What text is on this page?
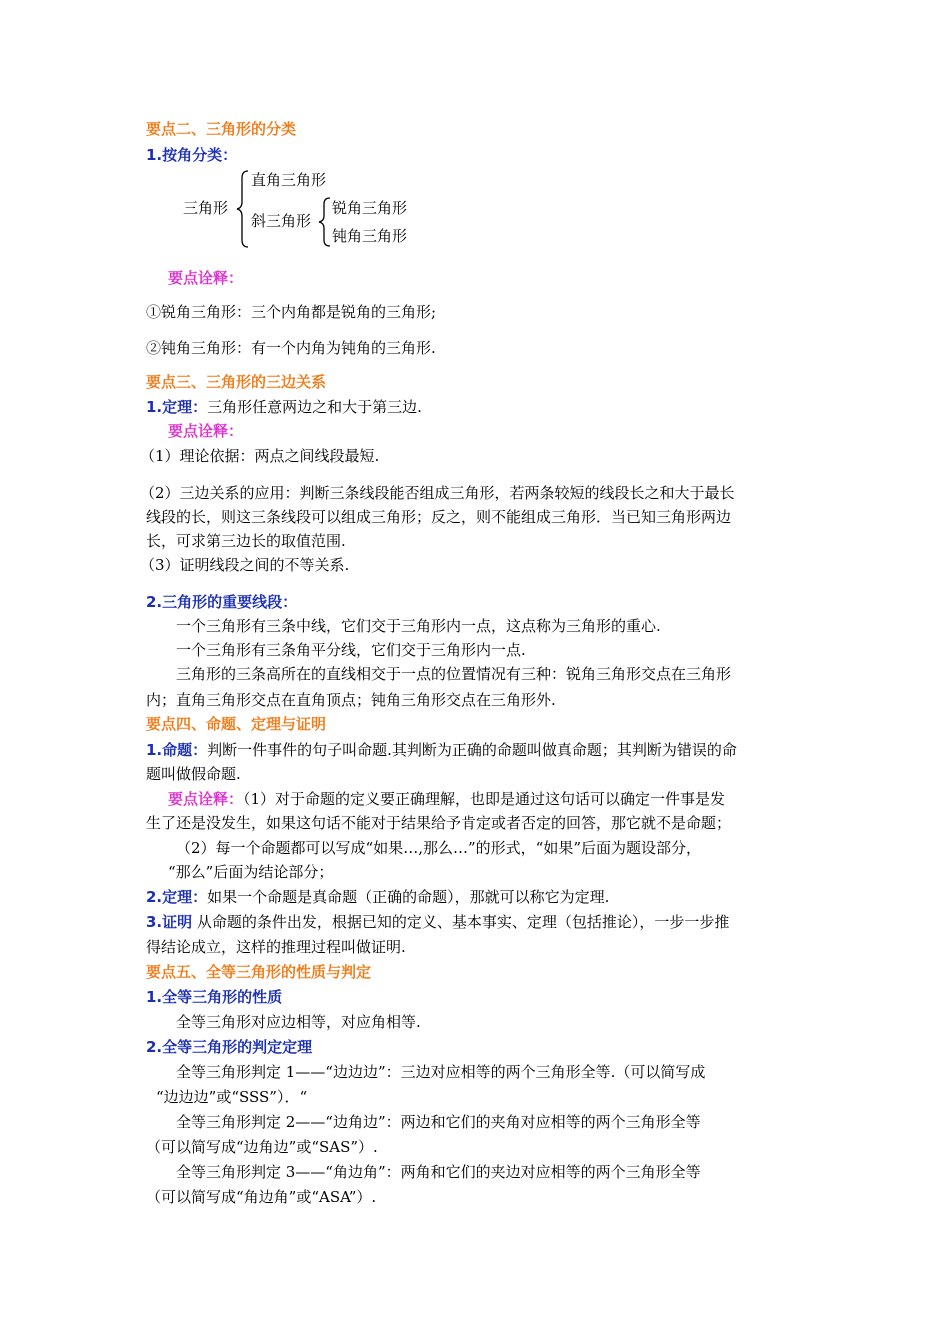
要点二、三角形的分类
1.按角分类：
三角形
直角三角形
斜三角形
锐角三角形
钝角三角形
要点诠释：
①锐角三角形：三个内角都是锐角的三角形;
②钝角三角形：有一个内角为钝角的三角形.
要点三、三角形的三边关系
1.定理：三角形任意两边之和大于第三边.
要点诠释：
（1）理论依据：两点之间线段最短.
（2）三边关系的应用：判断三条线段能否组成三角形，若两条较短的线段长之和大于最长
线段的长，则这三条线段可以组成三角形；反之，则不能组成三角形．当已知三角形两边
长，可求第三边长的取值范围.
（3）证明线段之间的不等关系.
2.三角形的重要线段：
一个三角形有三条中线，它们交于三角形内一点，这点称为三角形的重心.
一个三角形有三条角平分线，它们交于三角形内一点.
三角形的三条高所在的直线相交于一点的位置情况有三种：锐角三角形交点在三角形
内；直角三角形交点在直角顶点；钝角三角形交点在三角形外.
要点四、命题、定理与证明
1.命题：判断一件事件的句子叫命题.其判断为正确的命题叫做真命题；其判断为错误的命
题叫做假命题.
要点诠释：（1）对于命题的定义要正确理解，也即是通过这句话可以确定一件事是发
生了还是没发生，如果这句话不能对于结果给予肯定或者否定的回答，那它就不是命题；
（2）每一个命题都可以写成“如果…,那么…”的形式，“如果”后面为题设部分，
“那么”后面为结论部分；
2.定理：如果一个命题是真命题（正确的命题），那就可以称它为定理.
3.证明 从命题的条件出发，根据已知的定义、基本事实、定理（包括推论），一步一步推
得结论成立，这样的推理过程叫做证明.
要点五、全等三角形的性质与判定
1.全等三角形的性质
全等三角形对应边相等，对应角相等.
2.全等三角形的判定定理
全等三角形判定 1——“边边边”：三边对应相等的两个三角形全等.（可以简写成
“边边边”或“SSS”）．“
全等三角形判定 2——“边角边”：两边和它们的夹角对应相等的两个三角形全等
（可以简写成“边角边”或“SAS”）.
全等三角形判定 3——“角边角”：两角和它们的夹边对应相等的两个三角形全等
（可以简写成“角边角”或“ASA”）.
